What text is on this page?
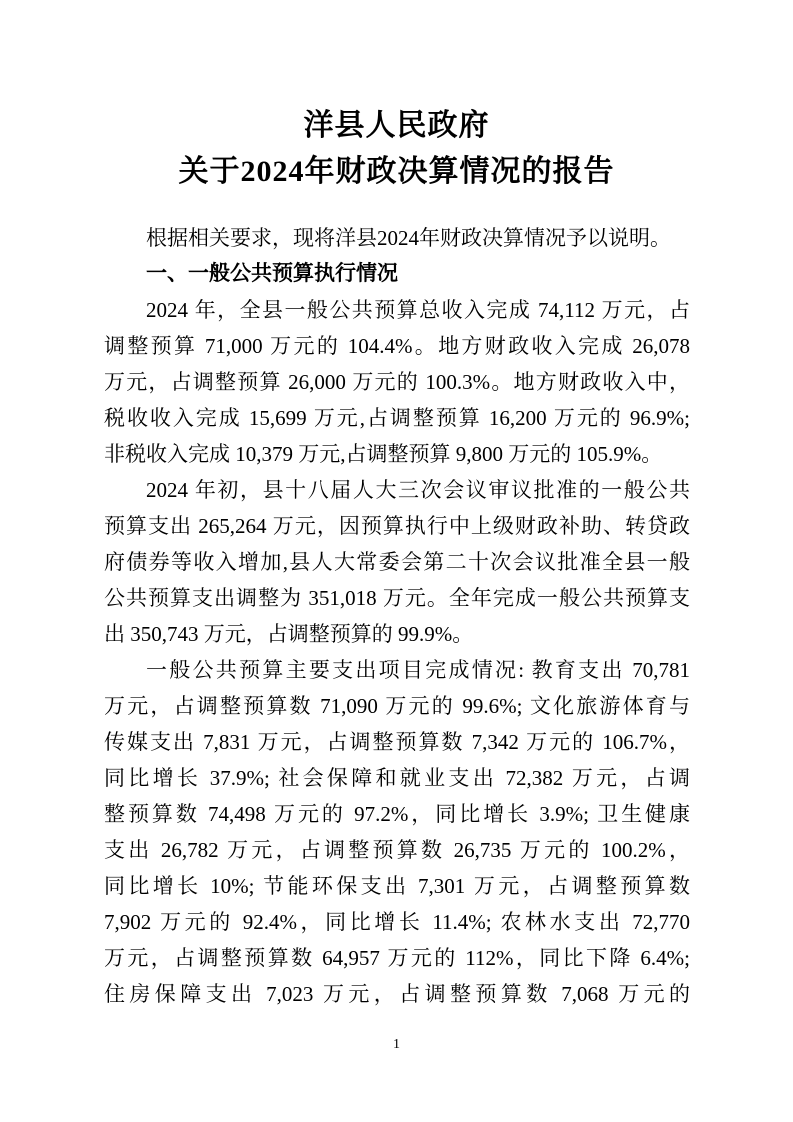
洋县人民政府
关于2024年财政决算情况的报告

根据相关要求，现将洋县2024年财政决算情况予以说明。

一、一般公共预算执行情况
2024 年，全县一般公共预算总收入完成 74,112 万元，占
调整预算 71,000 万元的 104.4%。地方财政收入完成 26,078
万元，占调整预算 26,000 万元的 100.3%。地方财政收入中，
税收收入完成 15,699 万元,占调整预算 16,200 万元的 96.9%;
非税收入完成 10,379 万元,占调整预算 9,800 万元的 105.9%。
2024 年初，县十八届人大三次会议审议批准的一般公共
预算支出 265,264 万元，因预算执行中上级财政补助、转贷政
府债券等收入增加,县人大常委会第二十次会议批准全县一般
公共预算支出调整为 351,018 万元。全年完成一般公共预算支
出 350,743 万元，占调整预算的 99.9%。
一般公共预算主要支出项目完成情况: 教育支出 70,781
万元，占调整预算数 71,090 万元的 99.6%; 文化旅游体育与
传媒支出 7,831 万元，占调整预算数 7,342 万元的 106.7%，
同比增长 37.9%; 社会保障和就业支出 72,382 万元，占调
整预算数 74,498 万元的 97.2%，同比增长 3.9%; 卫生健康
支出 26,782 万元，占调整预算数 26,735 万元的 100.2%，
同比增长 10%; 节能环保支出 7,301 万元，占调整预算数
7,902 万元的 92.4%，同比增长 11.4%; 农林水支出 72,770
万元，占调整预算数 64,957 万元的 112%，同比下降 6.4%;
住房保障支出 7,023 万元，占调整预算数 7,068 万元的
1
